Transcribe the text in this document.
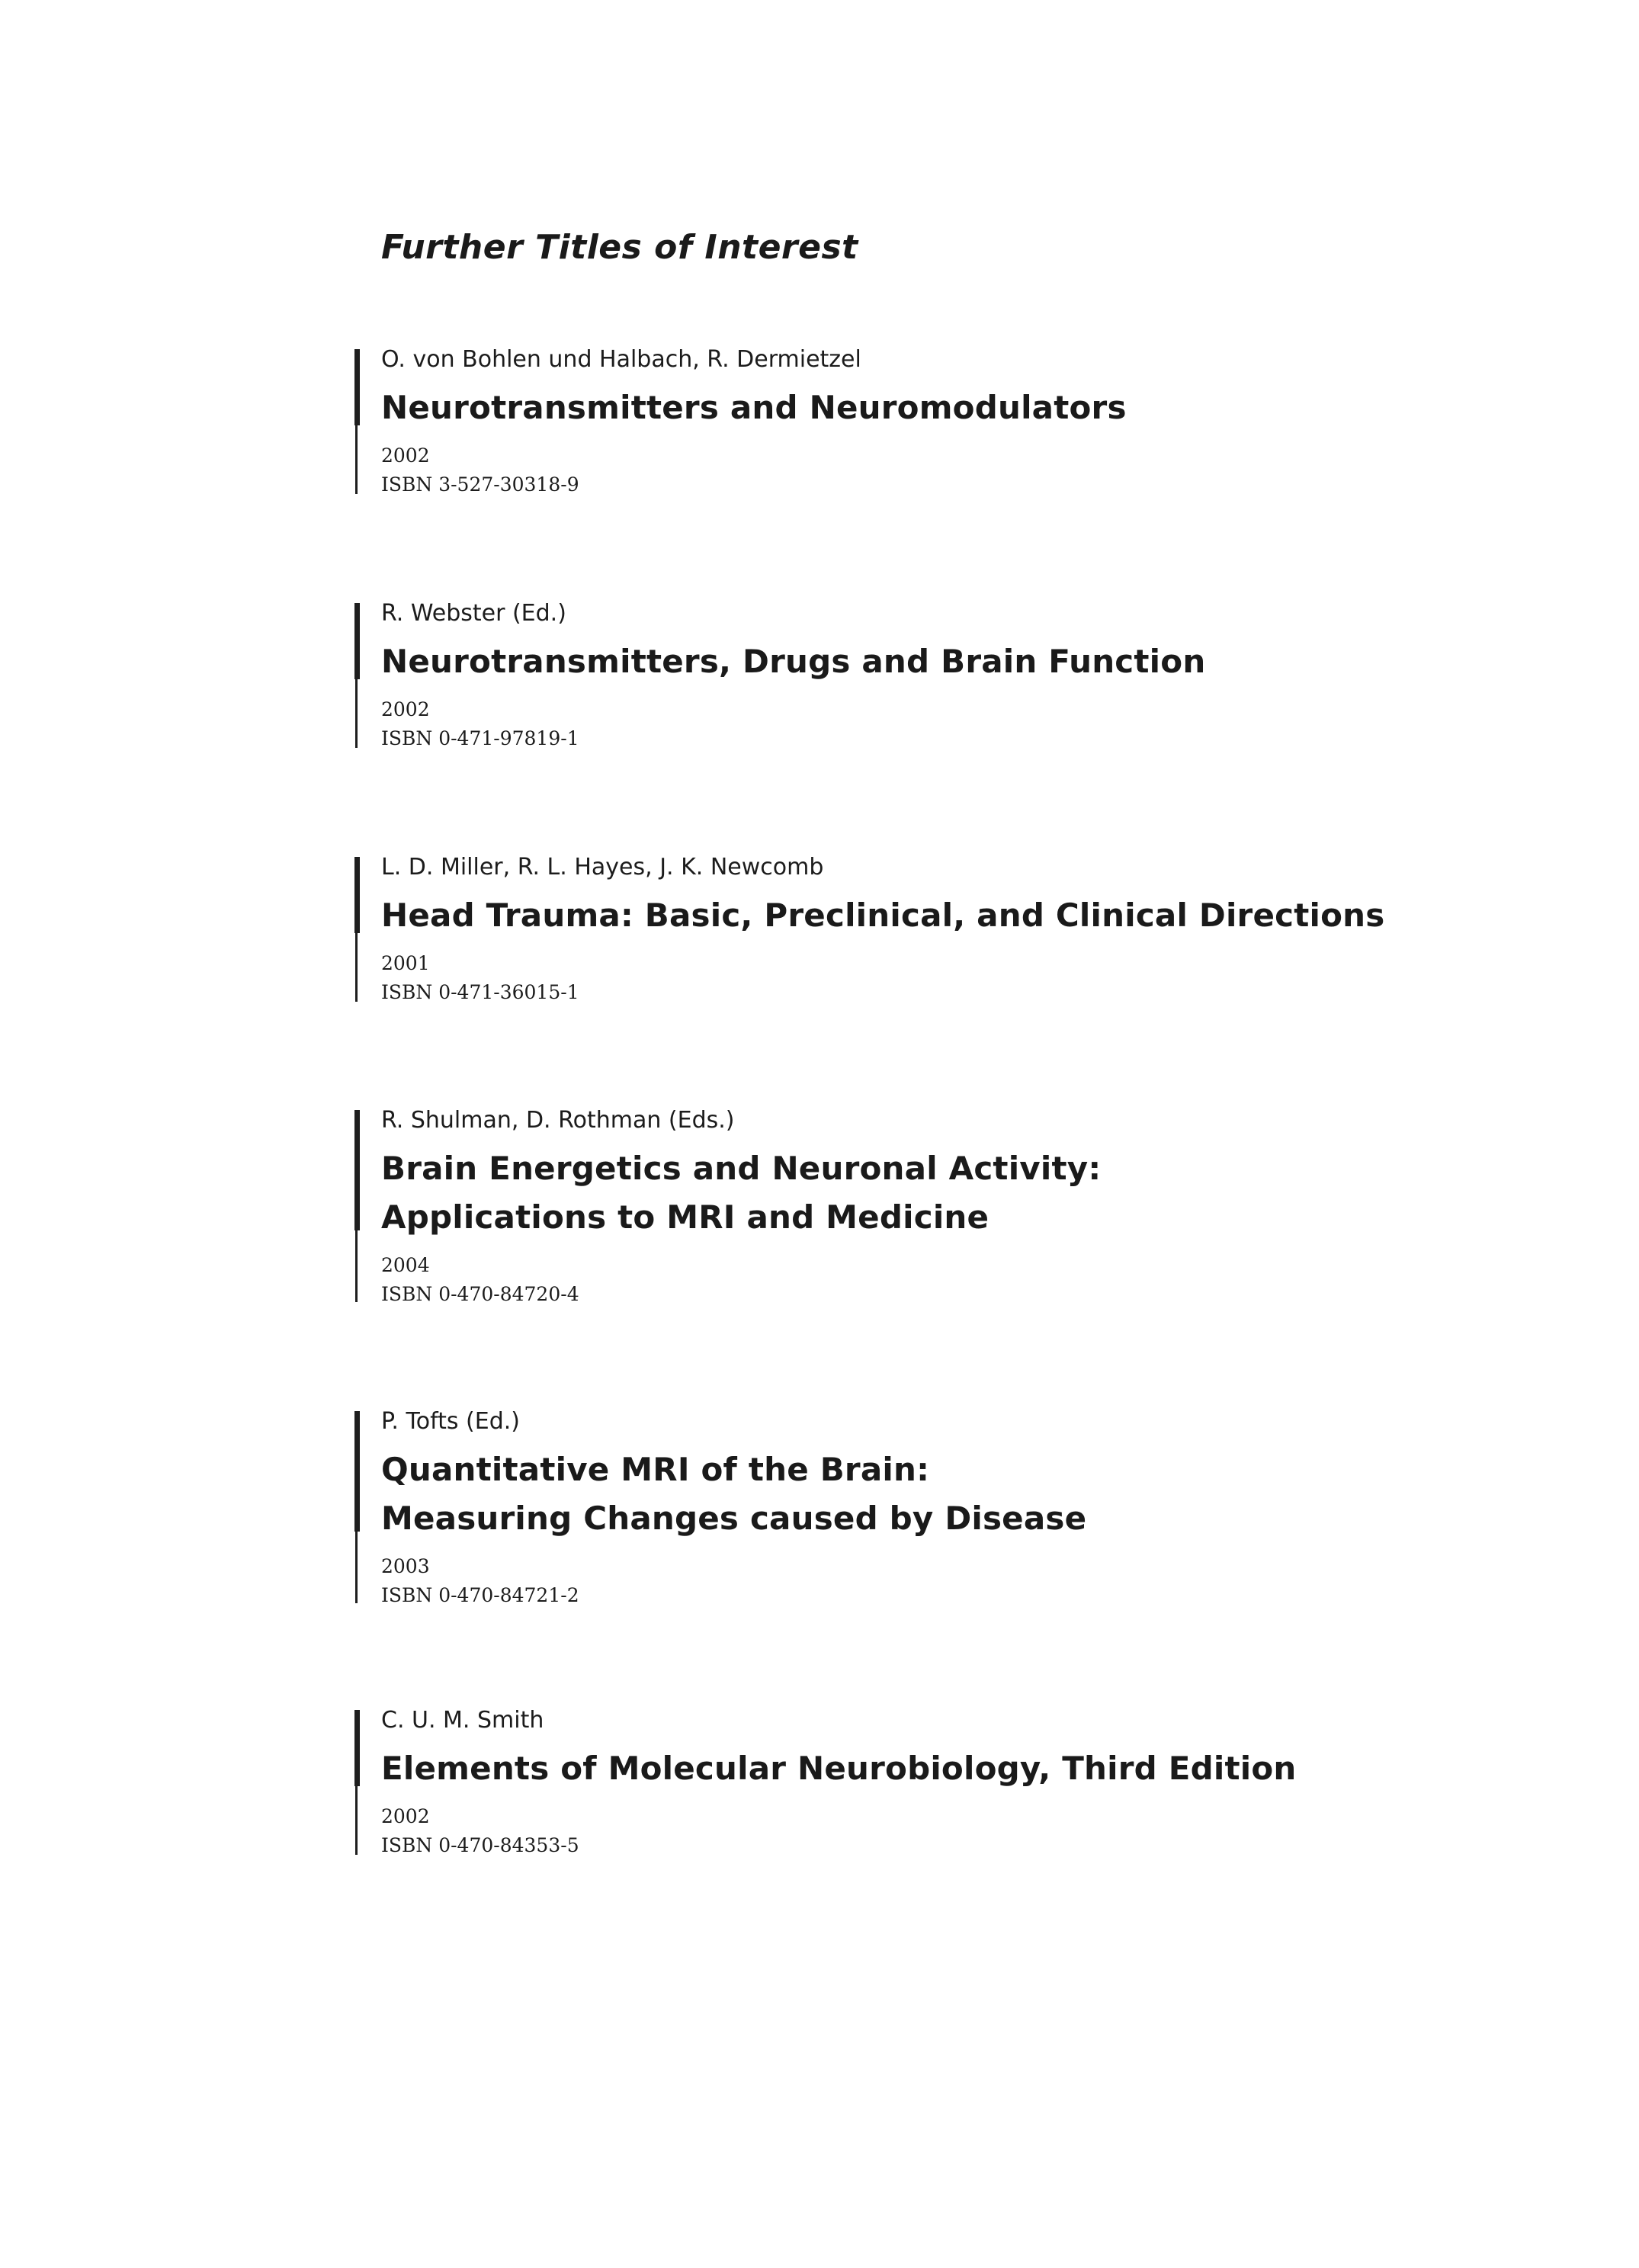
Further Titles of Interest
O. von Bohlen und Halbach, R. Dermietzel
Neurotransmitters and Neuromodulators
2002
ISBN 3-527-30318-9
R. Webster (Ed.)
Neurotransmitters, Drugs and Brain Function
2002
ISBN 0-471-97819-1
L. D. Miller, R. L. Hayes, J. K. Newcomb
Head Trauma: Basic, Preclinical, and Clinical Directions
2001
ISBN 0-471-36015-1
R. Shulman, D. Rothman (Eds.)
Brain Energetics and Neuronal Activity:
Applications to MRI and Medicine
2004
ISBN 0-470-84720-4
P. Tofts (Ed.)
Quantitative MRI of the Brain:
Measuring Changes caused by Disease
2003
ISBN 0-470-84721-2
C. U. M. Smith
Elements of Molecular Neurobiology, Third Edition
2002
ISBN 0-470-84353-5
